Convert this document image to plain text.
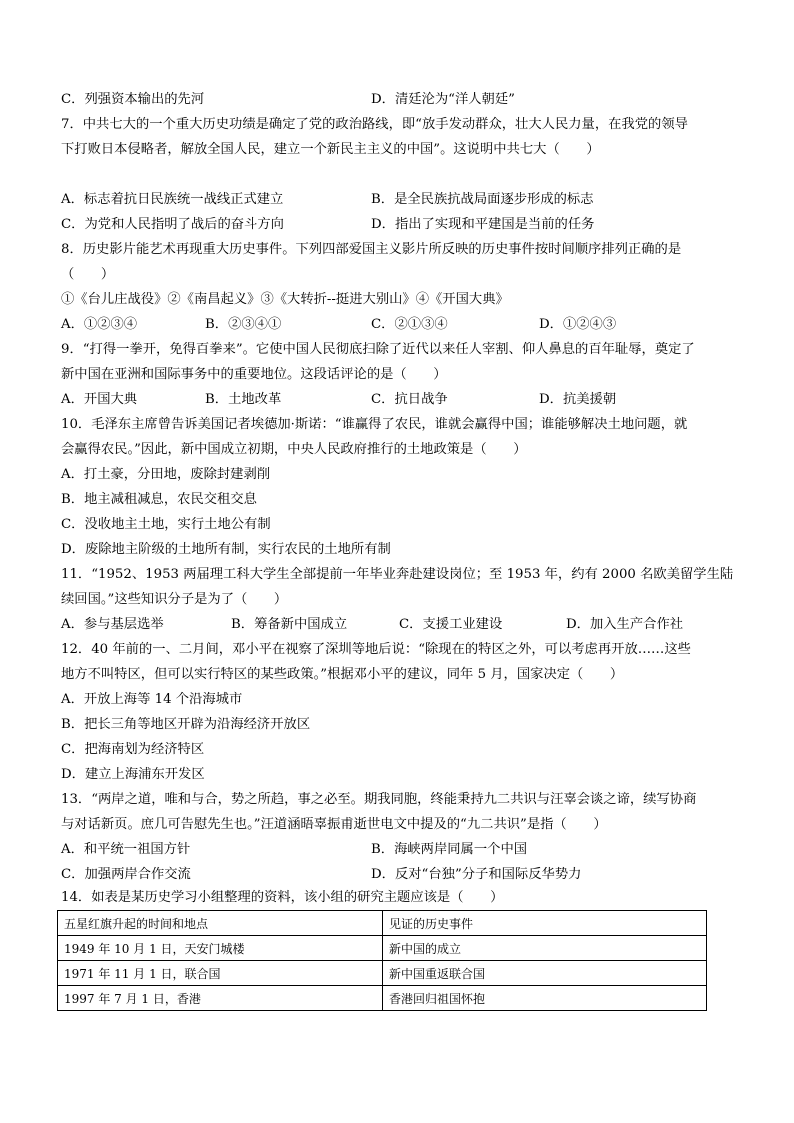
C．列强资本输出的先河	D．清廷沦为“洋人朝廷”
7．中共七大的一个重大历史功绩是确定了党的政治路线，即“放手发动群众，壮大人民力量，在我党的领导
下打败日本侵略者，解放全国人民，建立一个新民主主义的中国”。这说明中共七大（　　）
A．标志着抗日民族统一战线正式建立	B．是全民族抗战局面逐步形成的标志
C．为党和人民指明了战后的奋斗方向	D．指出了实现和平建国是当前的任务
8．历史影片能艺术再现重大历史事件。下列四部爱国主义影片所反映的历史事件按时间顺序排列正确的是
（　　）
①《台儿庄战役》②《南昌起义》③《大转折--挺进大别山》④《开国大典》
A．①②③④	B．②③④①	C．②①③④	D．①②④③
9．“打得一拳开，免得百拳来”。它使中国人民彻底扫除了近代以来任人宰割、仰人鼻息的百年耻辱，奠定了
新中国在亚洲和国际事务中的重要地位。这段话评论的是（　　）
A．开国大典	B．土地改革	C．抗日战争	D．抗美援朝
10．毛泽东主席曾告诉美国记者埃德加·斯诺：“谁赢得了农民，谁就会赢得中国；谁能够解决土地问题，就
会赢得农民。”因此，新中国成立初期，中央人民政府推行的土地政策是（　　）
A．打土豪，分田地，废除封建剥削
B．地主减租减息，农民交租交息
C．没收地主土地，实行土地公有制
D．废除地主阶级的土地所有制，实行农民的土地所有制
11．“1952、1953 两届理工科大学生全部提前一年毕业奔赴建设岗位；至 1953 年，约有 2000 名欧美留学生陆
续回国。”这些知识分子是为了（　　）
A．参与基层选举	B．筹备新中国成立	C．支援工业建设	D．加入生产合作社
12．40 年前的一、二月间，邓小平在视察了深圳等地后说：“除现在的特区之外，可以考虑再开放……这些
地方不叫特区，但可以实行特区的某些政策。”根据邓小平的建议，同年 5 月，国家决定（　　）
A．开放上海等 14 个沿海城市
B．把长三角等地区开辟为沿海经济开放区
C．把海南划为经济特区
D．建立上海浦东开发区
13．“两岸之道，唯和与合，势之所趋，事之必至。期我同胞，终能秉持九二共识与汪辜会谈之谛，续写协商
与对话新页。庶几可告慰先生也。”汪道涵晤辜振甫逝世电文中提及的“九二共识”是指（　　）
A．和平统一祖国方针	B．海峡两岸同属一个中国
C．加强两岸合作交流	D．反对“台独”分子和国际反华势力
14．如表是某历史学习小组整理的资料，该小组的研究主题应该是（　　）
五星红旗升起的时间和地点	见证的历史事件
1949 年 10 月 1 日，天安门城楼	新中国的成立
1971 年 11 月 1 日，联合国	新中国重返联合国
1997 年 7 月 1 日，香港	香港回归祖国怀抱
